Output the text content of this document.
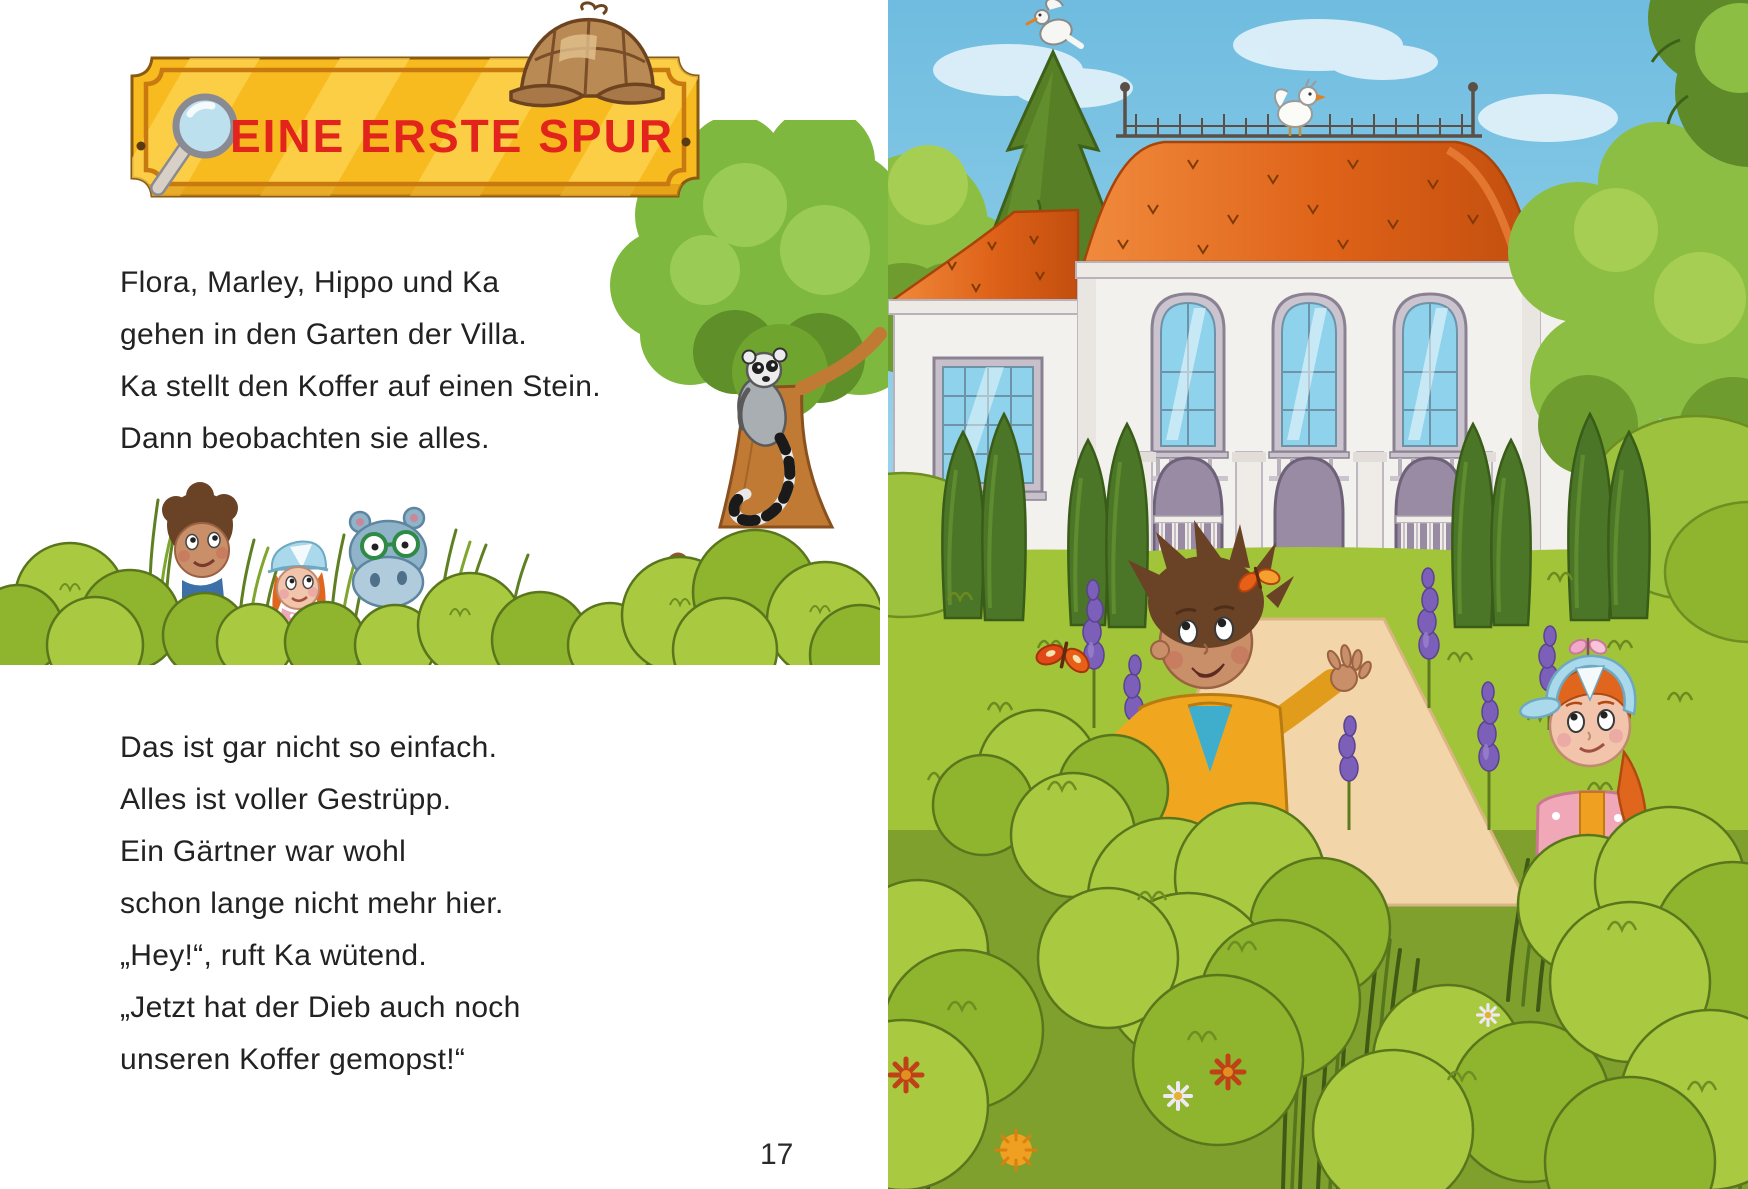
EINE ERSTE SPUR
Flora, Marley, Hippo und Ka
gehen in den Garten der Villa.
Ka stellt den Koffer auf einen Stein.
Dann beobachten sie alles.
Das ist gar nicht so einfach.
Alles ist voller Gestrüpp.
Ein Gärtner war wohl
schon lange nicht mehr hier.
„Hey!“, ruft Ka wütend.
„Jetzt hat der Dieb auch noch
unseren Koffer gemopst!“
17
